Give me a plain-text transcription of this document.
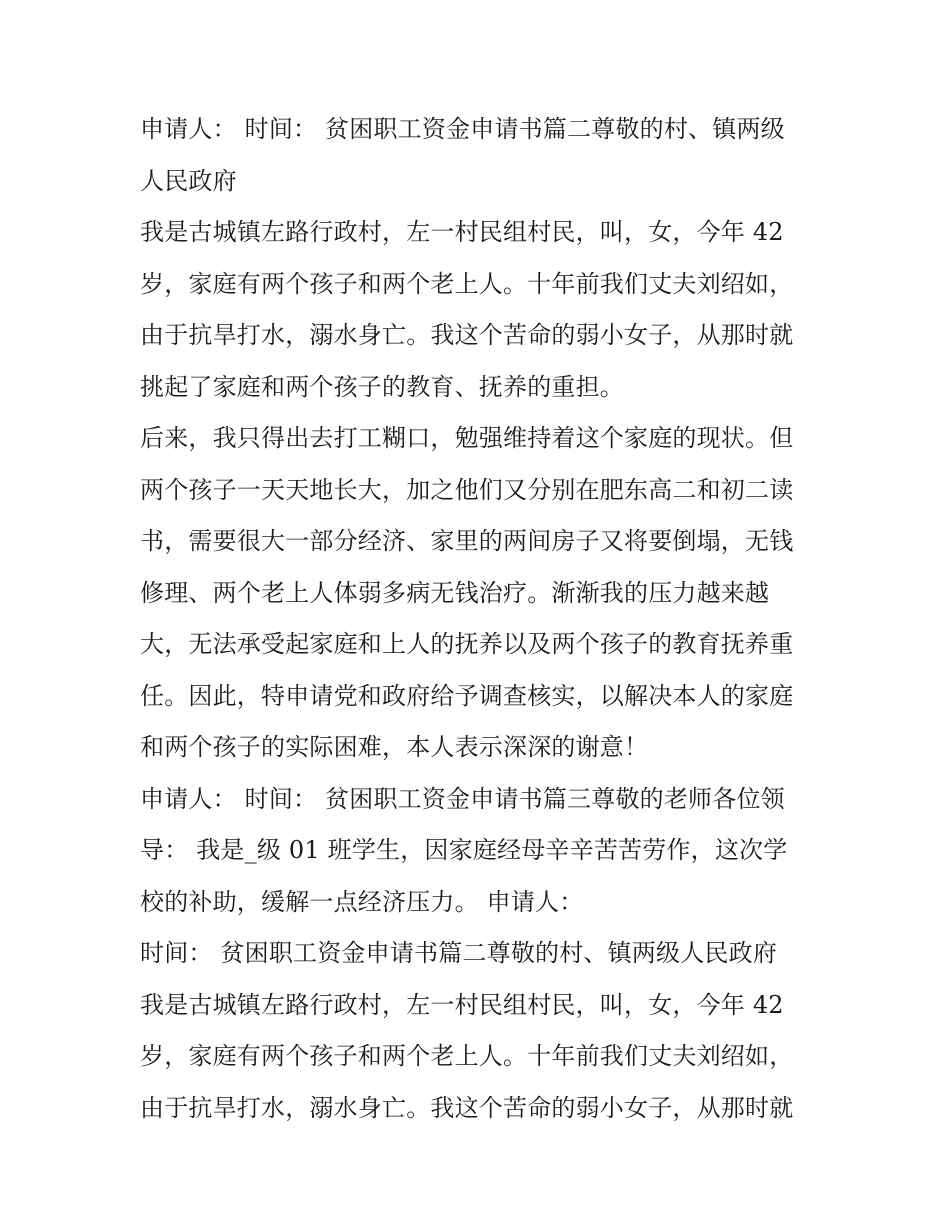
申请人： 时间： 贫困职工资金申请书篇二尊敬的村、镇两级
人民政府
我是古城镇左路行政村，左一村民组村民，叫，女，今年 42
岁，家庭有两个孩子和两个老上人。十年前我们丈夫刘绍如，
由于抗旱打水，溺水身亡。我这个苦命的弱小女子，从那时就
挑起了家庭和两个孩子的教育、抚养的重担。
后来，我只得出去打工糊口，勉强维持着这个家庭的现状。但
两个孩子一天天地长大，加之他们又分别在肥东高二和初二读
书，需要很大一部分经济、家里的两间房子又将要倒塌，无钱
修理、两个老上人体弱多病无钱治疗。渐渐我的压力越来越
大，无法承受起家庭和上人的抚养以及两个孩子的教育抚养重
任。因此，特申请党和政府给予调查核实，以解决本人的家庭
和两个孩子的实际困难，本人表示深深的谢意！
申请人： 时间： 贫困职工资金申请书篇三尊敬的老师各位领
导： 我是_级 01 班学生，因家庭经母辛辛苦苦劳作，这次学
校的补助，缓解一点经济压力。 申请人：
时间： 贫困职工资金申请书篇二尊敬的村、镇两级人民政府
我是古城镇左路行政村，左一村民组村民，叫，女，今年 42
岁，家庭有两个孩子和两个老上人。十年前我们丈夫刘绍如，
由于抗旱打水，溺水身亡。我这个苦命的弱小女子，从那时就
